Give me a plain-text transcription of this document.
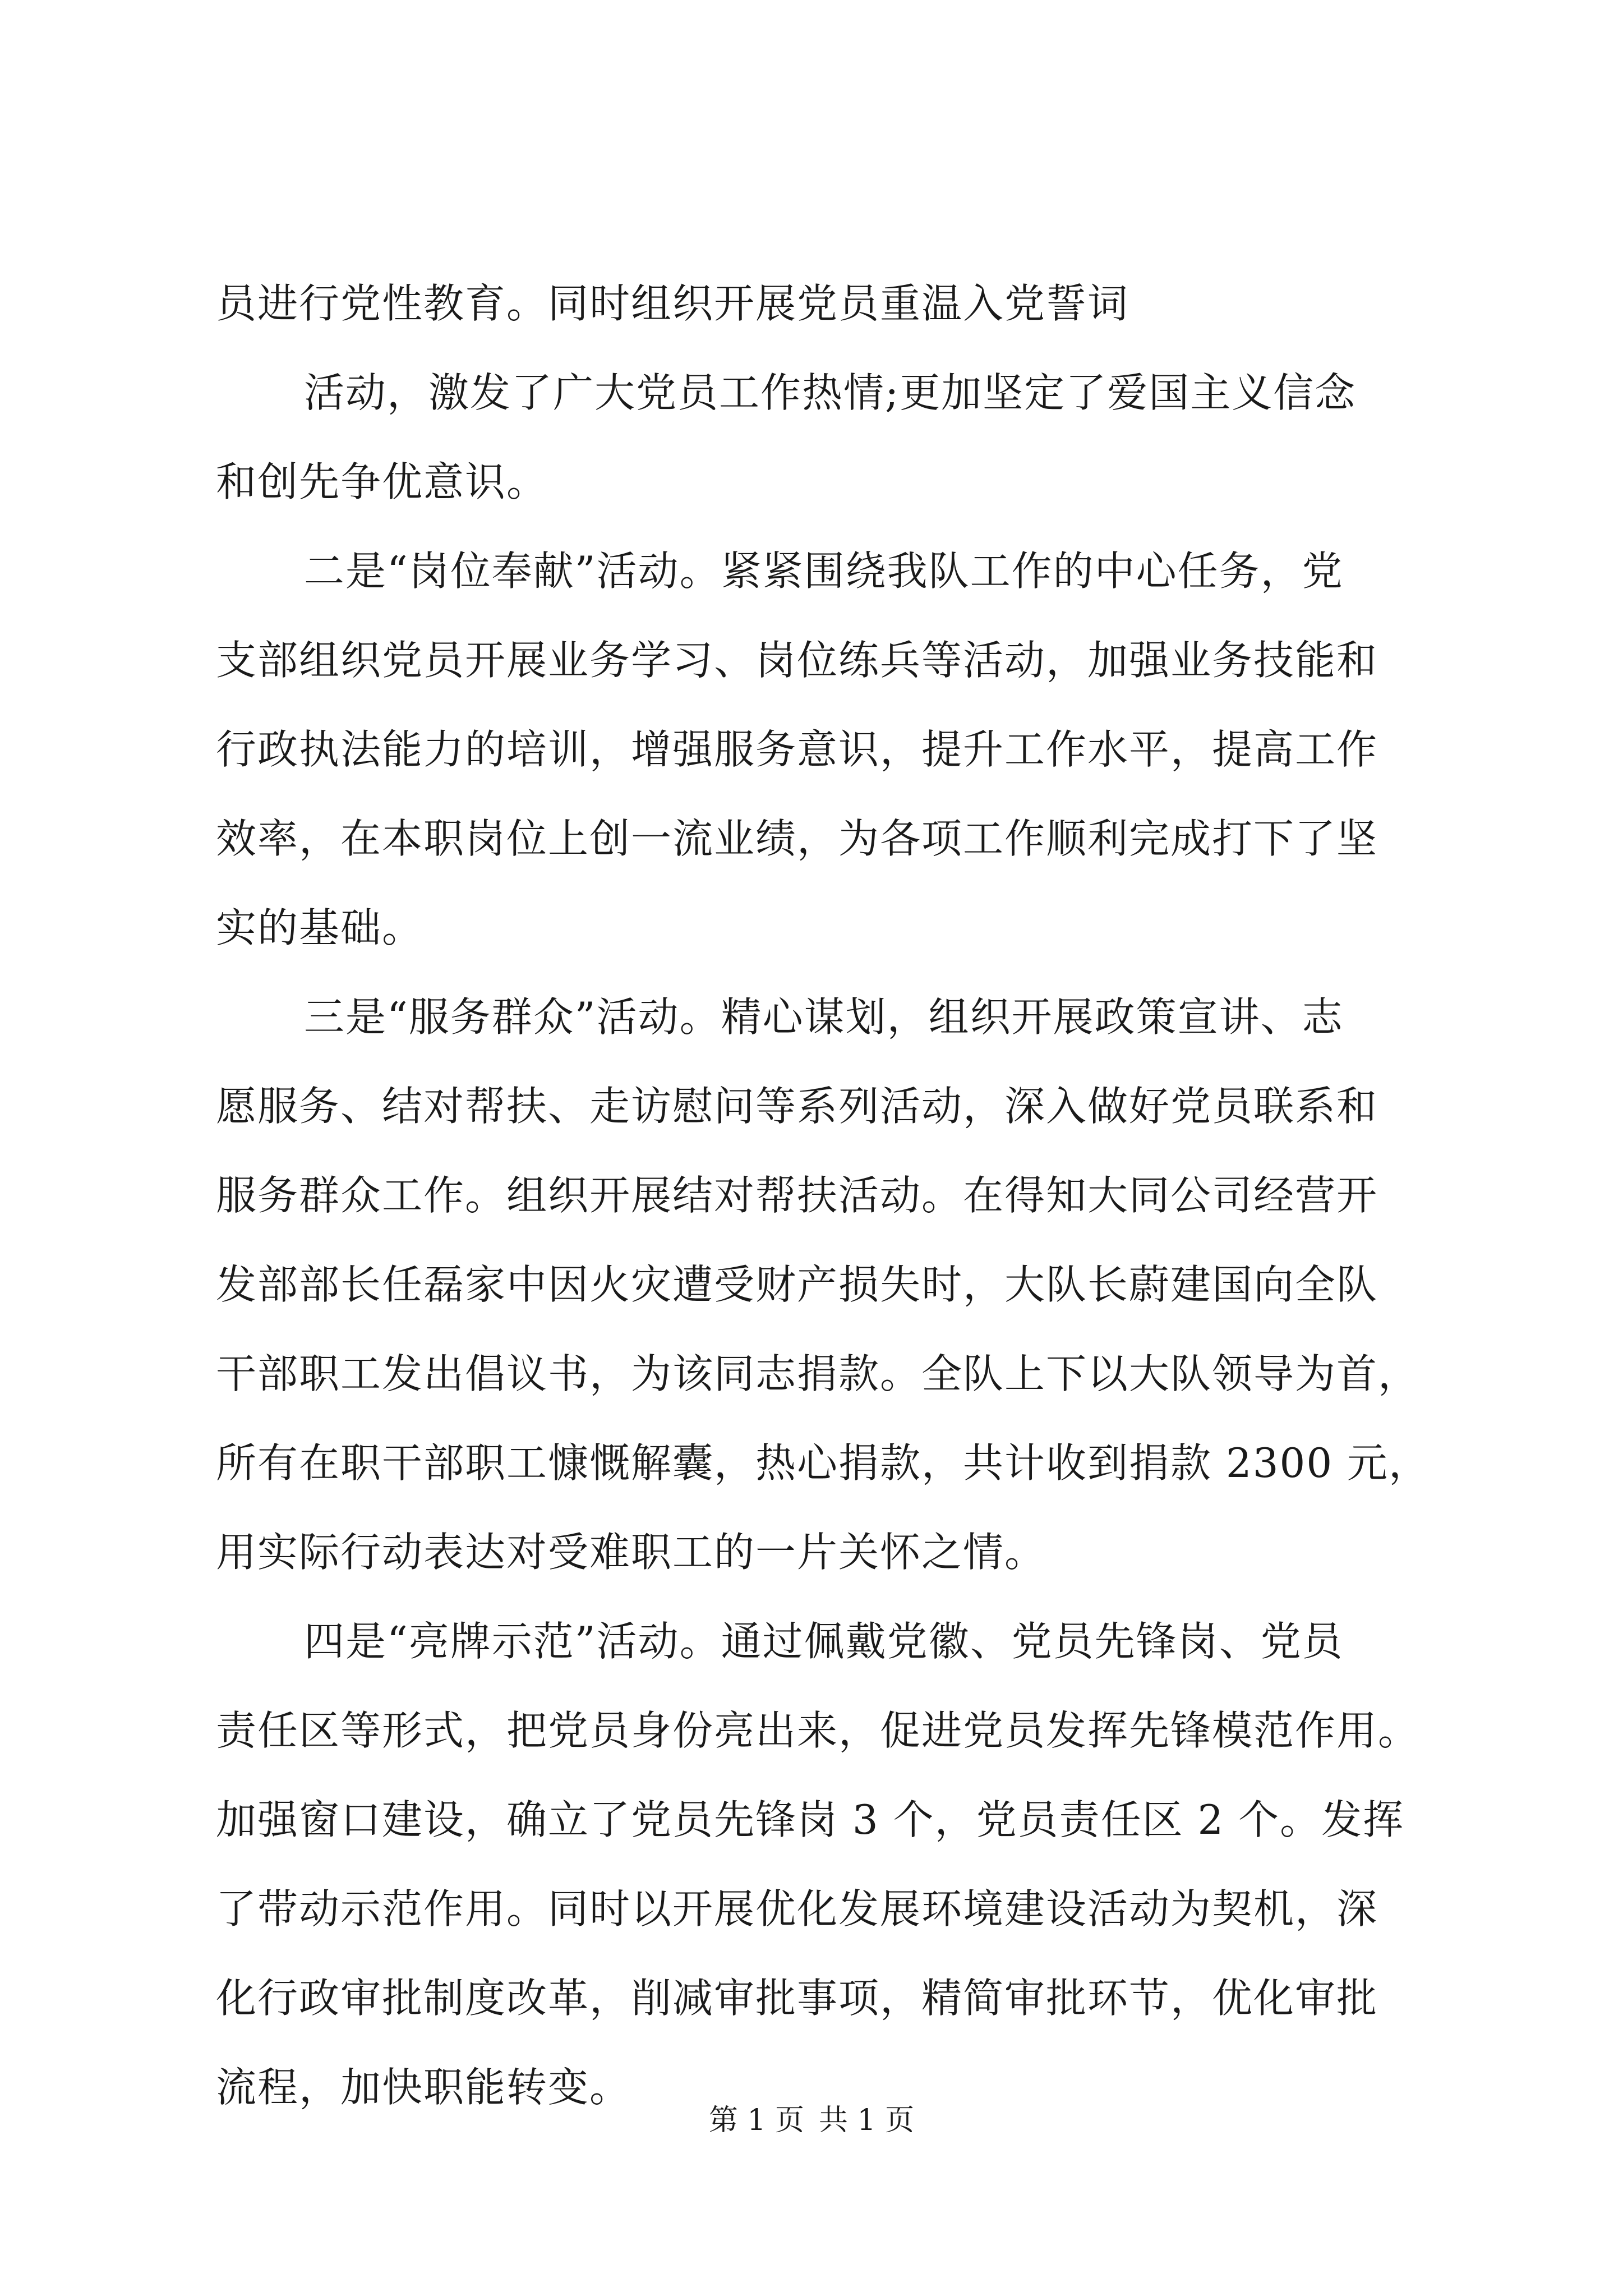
员进行党性教育。同时组织开展党员重温入党誓词
活动，激发了广大党员工作热情;更加坚定了爱国主义信念
和创先争优意识。
二是“岗位奉献”活动。紧紧围绕我队工作的中心任务，党
支部组织党员开展业务学习、岗位练兵等活动，加强业务技能和
行政执法能力的培训，增强服务意识，提升工作水平，提高工作
效率，在本职岗位上创一流业绩，为各项工作顺利完成打下了坚
实的基础。
三是“服务群众”活动。精心谋划，组织开展政策宣讲、志
愿服务、结对帮扶、走访慰问等系列活动，深入做好党员联系和
服务群众工作。组织开展结对帮扶活动。在得知大同公司经营开
发部部长任磊家中因火灾遭受财产损失时，大队长蔚建国向全队
干部职工发出倡议书，为该同志捐款。全队上下以大队领导为首，
所有在职干部职工慷慨解囊，热心捐款，共计收到捐款 2300 元，
用实际行动表达对受难职工的一片关怀之情。
四是“亮牌示范”活动。通过佩戴党徽、党员先锋岗、党员
责任区等形式，把党员身份亮出来，促进党员发挥先锋模范作用。
加强窗口建设，确立了党员先锋岗 3 个，党员责任区 2 个。发挥
了带动示范作用。同时以开展优化发展环境建设活动为契机，深
化行政审批制度改革，削减审批事项，精简审批环节，优化审批
流程，加快职能转变。
第 1 页 共 1 页
